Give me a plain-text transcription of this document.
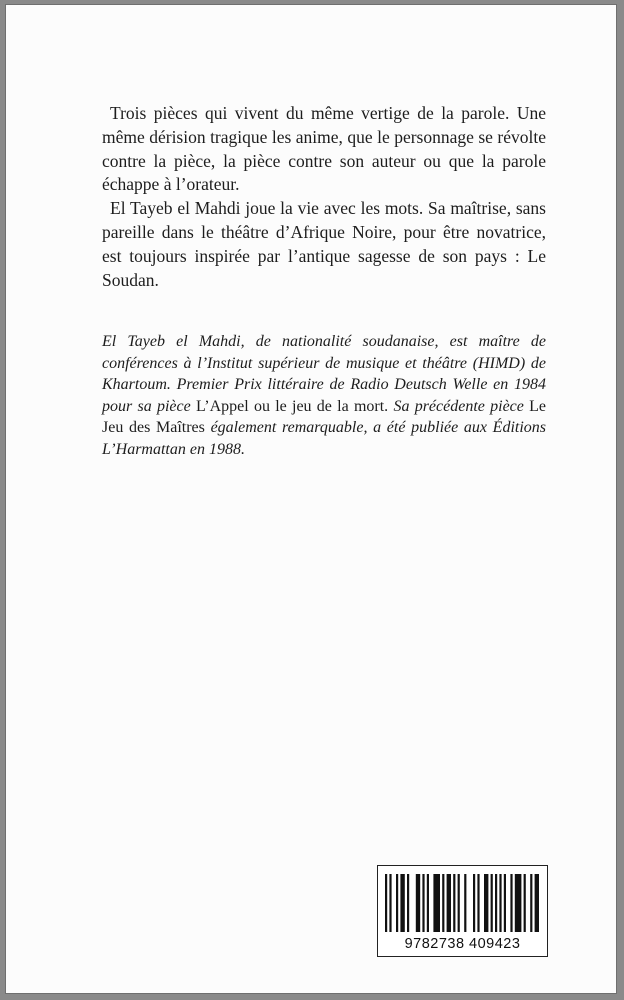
Trois pièces qui vivent du même vertige de la parole. Une même dérision tragique les anime, que le personnage se révolte contre la pièce, la pièce contre son auteur ou que la parole échappe à l’orateur.

El Tayeb el Mahdi joue la vie avec les mots. Sa maîtrise, sans pareille dans le théâtre d’Afrique Noire, pour être novatrice, est toujours inspirée par l’antique sagesse de son pays : Le Soudan.

El Tayeb el Mahdi, de nationalité soudanaise, est maître de conférences à l’Institut supérieur de musique et théâtre (HIMD) de Khartoum. Premier Prix littéraire de Radio Deutsch Welle en 1984 pour sa pièce L’Appel ou le jeu de la mort. Sa précédente pièce Le Jeu des Maîtres également remarquable, a été publiée aux Éditions L’Harmattan en 1988.

9782738 409423
